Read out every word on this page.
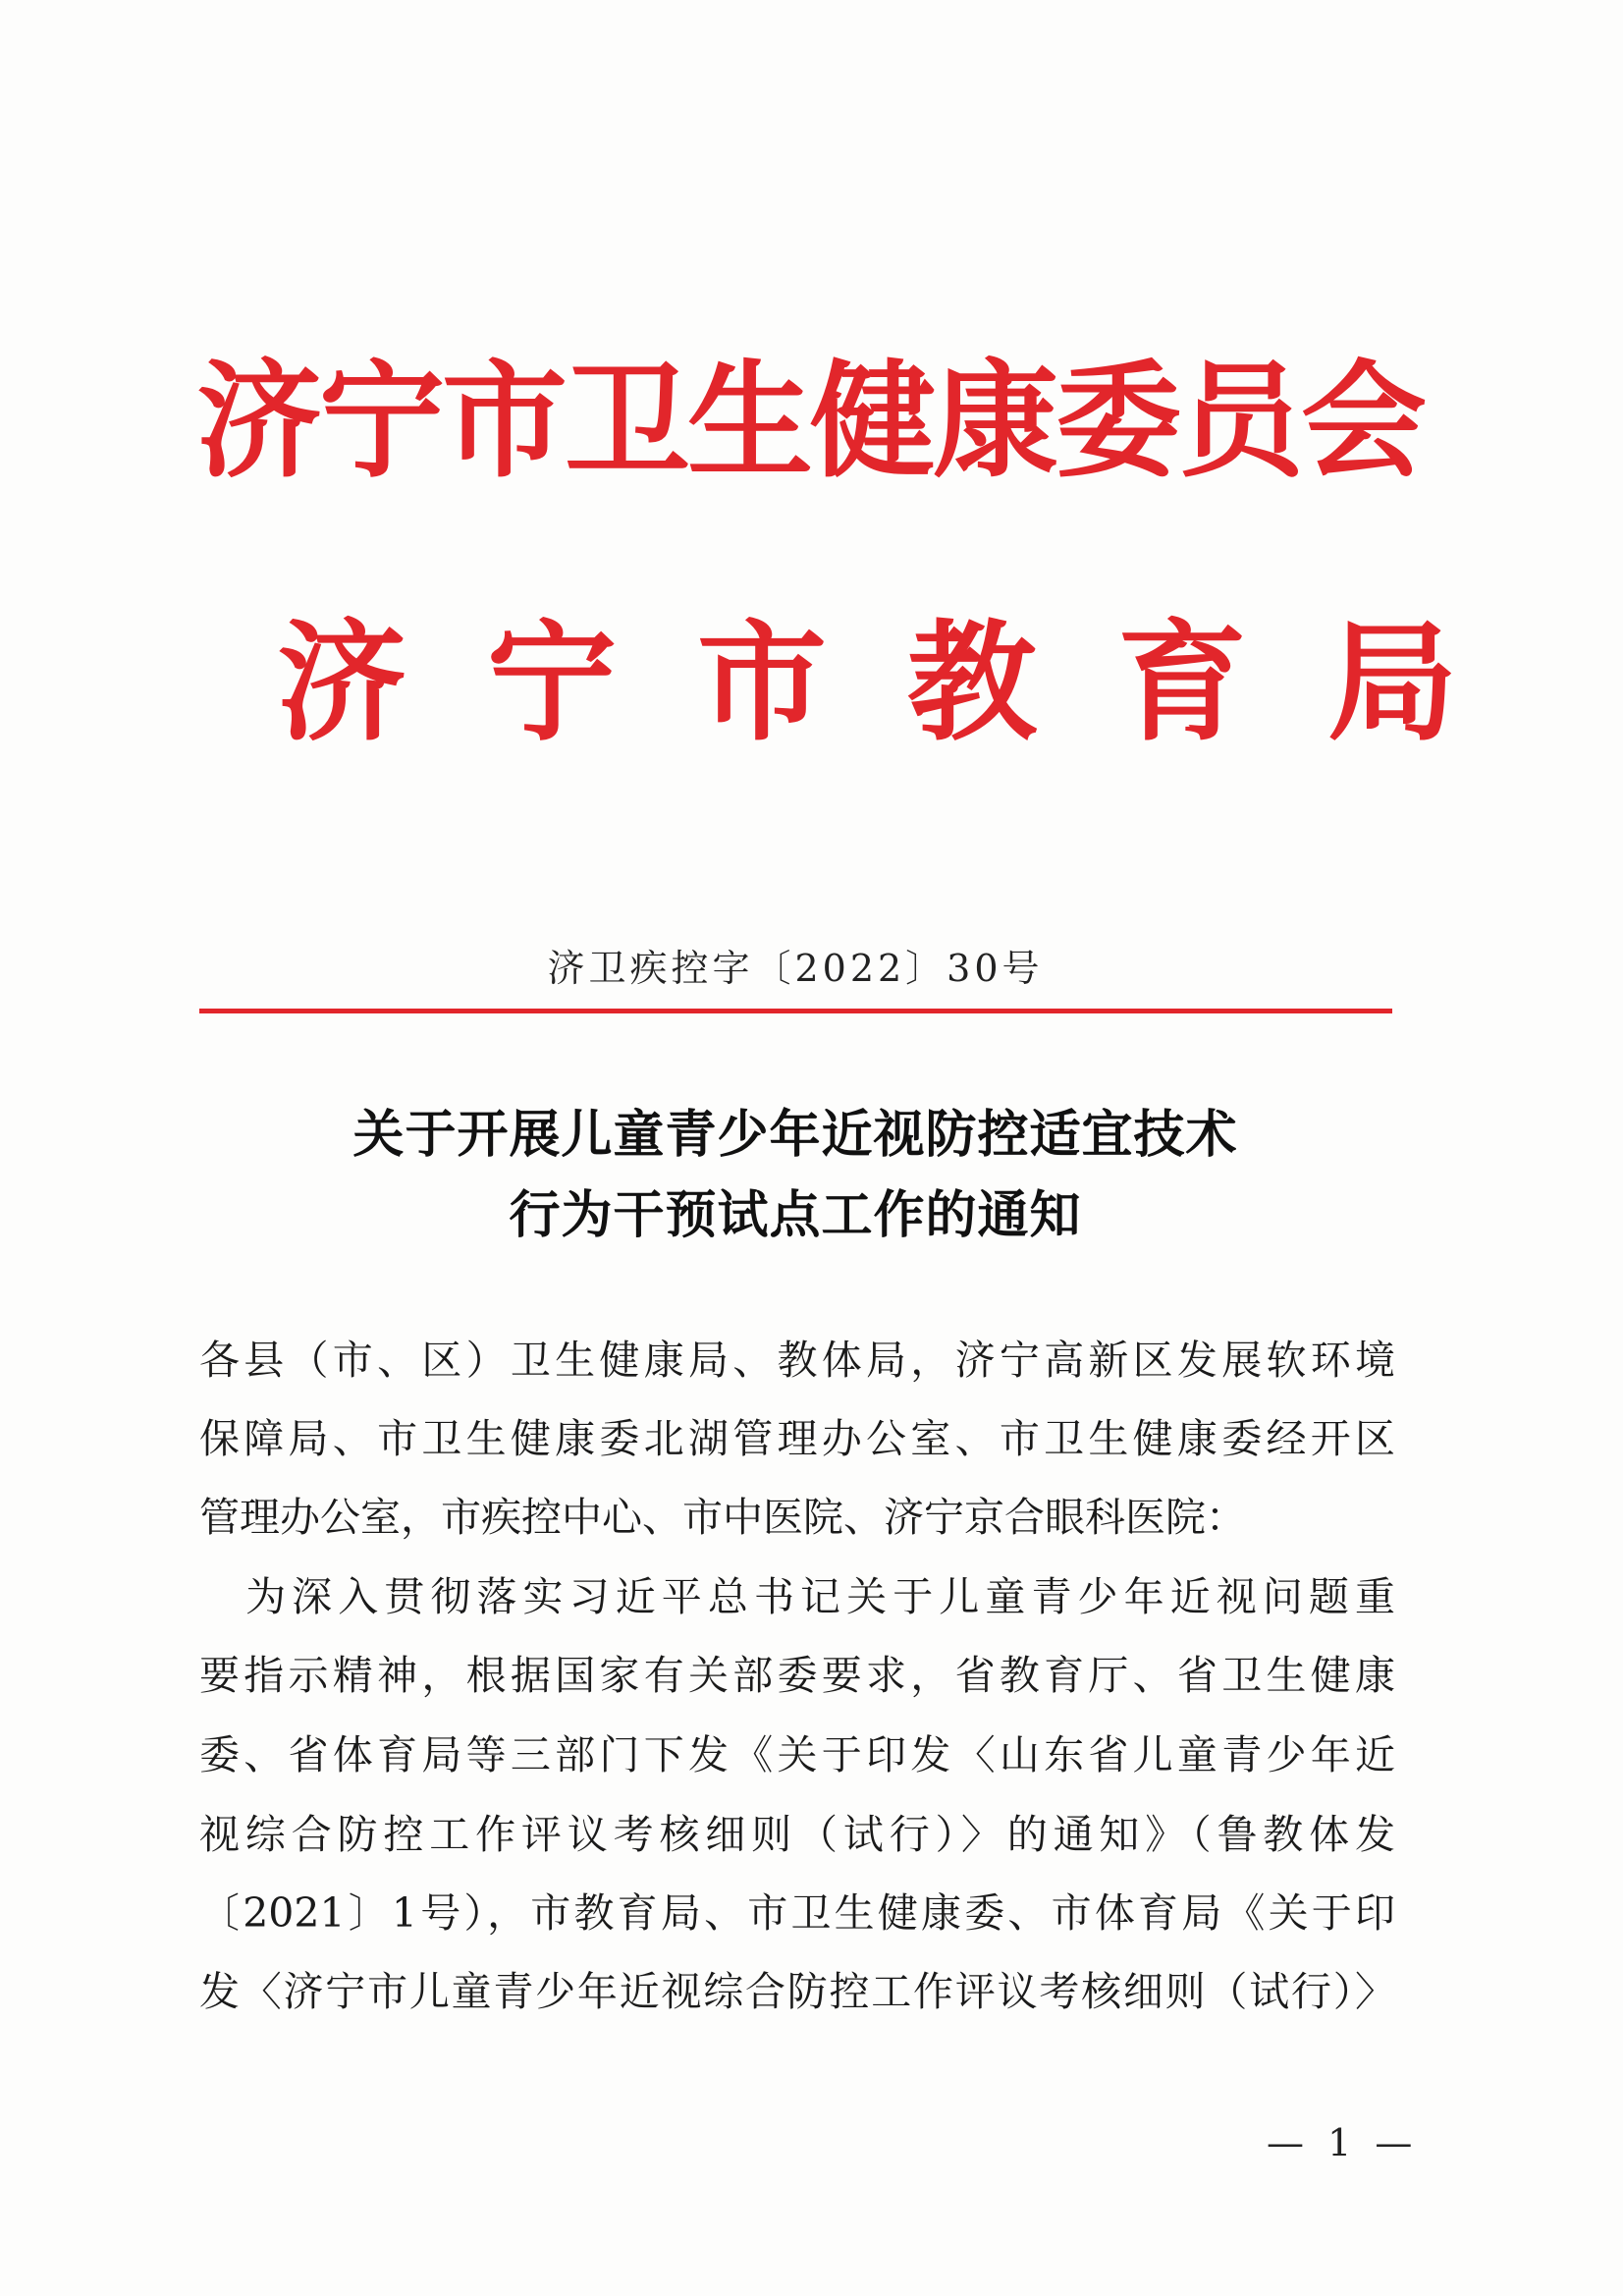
济宁市卫生健康委员会
济宁市教育局
济卫疾控字〔2022〕30号
关于开展儿童青少年近视防控适宜技术
行为干预试点工作的通知
各县（市、区）卫生健康局、教体局，济宁高新区发展软环境
保障局、市卫生健康委北湖管理办公室、市卫生健康委经开区
管理办公室，市疾控中心、市中医院、济宁京合眼科医院：
　为深入贯彻落实习近平总书记关于儿童青少年近视问题重
要指示精神，根据国家有关部委要求，省教育厅、省卫生健康
委、省体育局等三部门下发《关于印发〈山东省儿童青少年近
视综合防控工作评议考核细则（试行）〉的通知》（鲁教体发
〔2021〕1号），市教育局、市卫生健康委、市体育局《关于印
发〈济宁市儿童青少年近视综合防控工作评议考核细则（试行）〉
— 1 —
